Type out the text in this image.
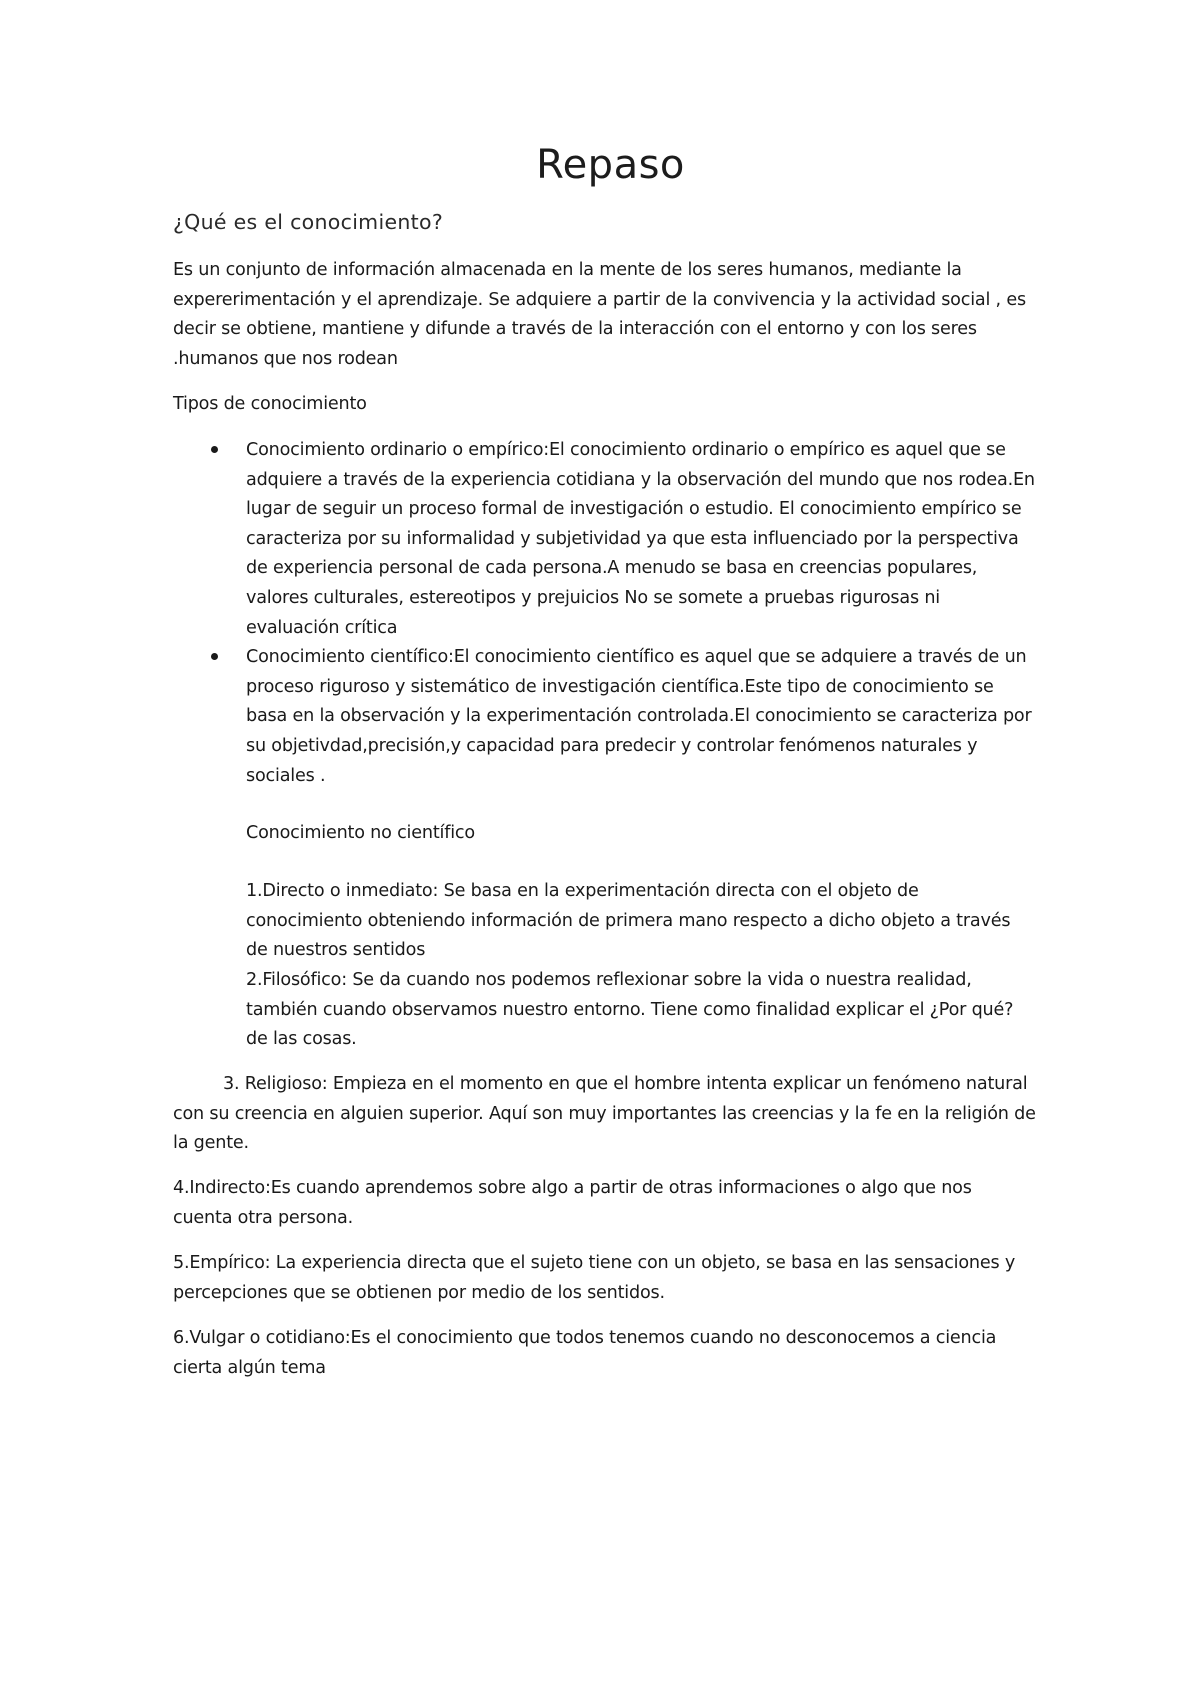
Repaso
¿Qué es el conocimiento?

Es un conjunto de información almacenada en la mente de los seres humanos, mediante la expererimentación y el aprendizaje. Se adquiere a partir de la convivencia y la actividad social , es decir se obtiene, mantiene y difunde a través de la interacción con el entorno y con los seres .humanos que nos rodean

Tipos de conocimiento

Conocimiento ordinario o empírico:El conocimiento ordinario o empírico es aquel que se adquiere a través de la experiencia cotidiana y la observación del mundo que nos rodea.En lugar de seguir un proceso formal de investigación o estudio. El conocimiento empírico se caracteriza por su informalidad y subjetividad ya que esta influenciado por la perspectiva de experiencia personal de cada persona.A menudo se basa en creencias populares, valores culturales, estereotipos y prejuicios No se somete a pruebas rigurosas ni evaluación crítica
Conocimiento científico:El conocimiento científico es aquel que se adquiere a través de un proceso riguroso y sistemático de investigación científica.Este tipo de conocimiento se basa en la observación y la experimentación controlada.El conocimiento se caracteriza por su objetivdad,precisión,y capacidad para predecir y controlar fenómenos naturales y sociales .

Conocimiento no científico

1.Directo o inmediato: Se basa en la experimentación directa con el objeto de conocimiento obteniendo información de primera mano respecto a dicho objeto a través de nuestros sentidos

2.Filosófico: Se da cuando nos podemos reflexionar sobre la vida o nuestra realidad, también cuando observamos nuestro entorno. Tiene como finalidad explicar el ¿Por qué? de las cosas.

3. Religioso: Empieza en el momento en que el hombre intenta explicar un fenómeno natural con su creencia en alguien superior. Aquí son muy importantes las creencias y la fe en la religión de la gente.

4.Indirecto:Es cuando aprendemos sobre algo a partir de otras informaciones o algo que nos cuenta otra persona.

5.Empírico: La experiencia directa que el sujeto tiene con un objeto, se basa en las sensaciones y percepciones que se obtienen por medio de los sentidos.

6.Vulgar o cotidiano:Es el conocimiento que todos tenemos cuando no desconocemos a ciencia cierta algún tema
